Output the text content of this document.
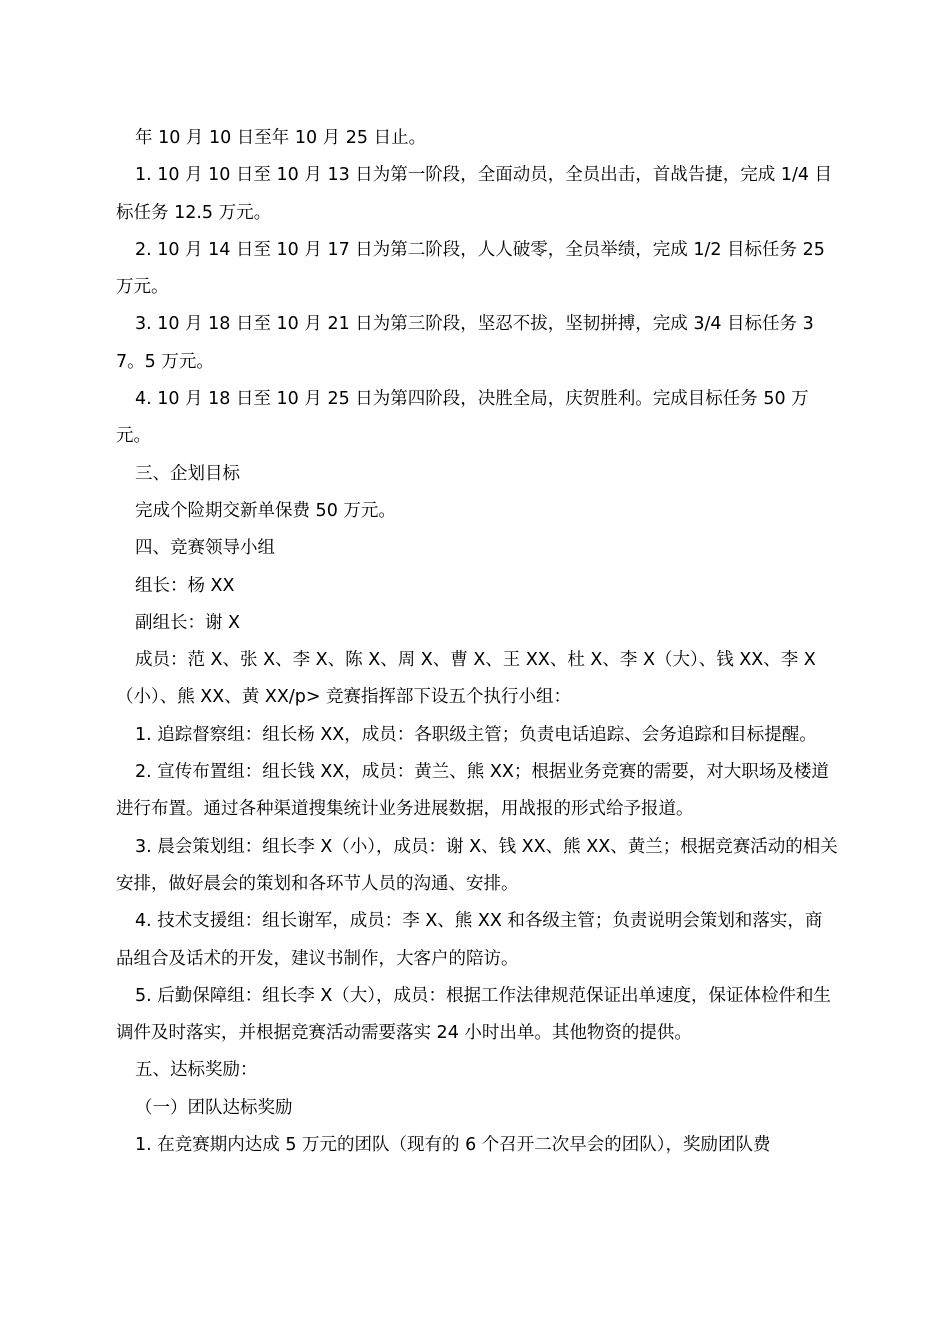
年 10 月 10 日至年 10 月 25 日止。

1. 10 月 10 日至 10 月 13 日为第一阶段，全面动员，全员出击，首战告捷，完成 1/4 目标任务 12.5 万元。

2. 10 月 14 日至 10 月 17 日为第二阶段，人人破零，全员举绩，完成 1/2 目标任务 25 万元。

3. 10 月 18 日至 10 月 21 日为第三阶段，坚忍不拔，坚韧拼搏，完成 3/4 目标任务 37。5 万元。

4. 10 月 18 日至 10 月 25 日为第四阶段，决胜全局，庆贺胜利。完成目标任务 50 万元。

三、企划目标

完成个险期交新单保费 50 万元。

四、竞赛领导小组

组长：杨 XX

副组长：谢 X

成员：范 X、张 X、李 X、陈 X、周 X、曹 X、王 XX、杜 X、李 X（大）、钱 XX、李 X（小）、熊 XX、黄 XX/p> 竞赛指挥部下设五个执行小组：

1. 追踪督察组：组长杨 XX，成员：各职级主管；负责电话追踪、会务追踪和目标提醒。

2. 宣传布置组：组长钱 XX，成员：黄兰、熊 XX；根据业务竞赛的需要，对大职场及楼道进行布置。通过各种渠道搜集统计业务进展数据，用战报的形式给予报道。

3. 晨会策划组：组长李 X（小），成员：谢 X、钱 XX、熊 XX、黄兰；根据竞赛活动的相关安排，做好晨会的策划和各环节人员的沟通、安排。

4. 技术支援组：组长谢军，成员：李 X、熊 XX 和各级主管；负责说明会策划和落实，商品组合及话术的开发，建议书制作，大客户的陪访。

5. 后勤保障组：组长李 X（大），成员：根据工作法律规范保证出单速度，保证体检件和生调件及时落实，并根据竞赛活动需要落实 24 小时出单。其他物资的提供。

五、达标奖励：

（一）团队达标奖励

1. 在竞赛期内达成 5 万元的团队（现有的 6 个召开二次早会的团队），奖励团队费
